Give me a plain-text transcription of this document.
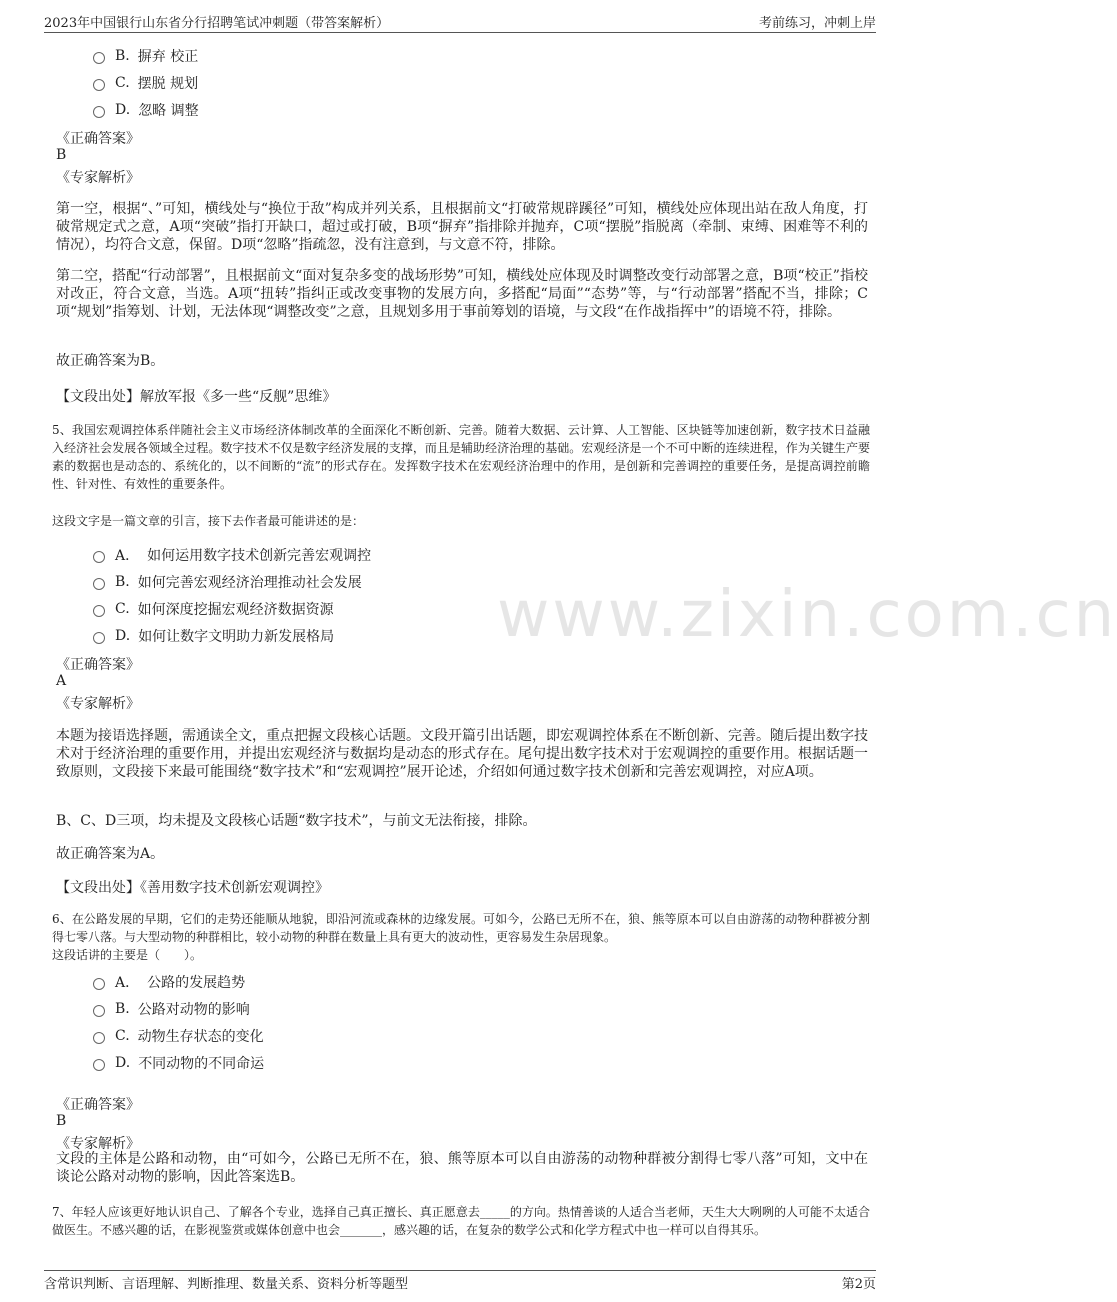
2023年中国银行山东省分行招聘笔试冲刺题（带答案解析）	考前练习，冲刺上岸
B. 摒弃 校正
C. 摆脱 规划
D. 忽略 调整
《正确答案》
B
《专家解析》
第一空，根据“、”可知，横线处与“换位于敌”构成并列关系，且根据前文“打破常规辟蹊径”可知，横线处应体现出站在敌人角度，打破常规定式之意，A项“突破”指打开缺口，超过或打破，B项“摒弃”指排除并抛弃，C项“摆脱”指脱离（牵制、束缚、困难等不利的情况），均符合文意，保留。D项“忽略”指疏忽，没有注意到，与文意不符，排除。
第二空，搭配“行动部署”，且根据前文“面对复杂多变的战场形势”可知，横线处应体现及时调整改变行动部署之意，B项“校正”指校对改正，符合文意，当选。A项“扭转”指纠正或改变事物的发展方向，多搭配“局面”“态势”等，与“行动部署”搭配不当，排除；C项“规划”指筹划、计划，无法体现“调整改变”之意，且规划多用于事前筹划的语境，与文段“在作战指挥中”的语境不符，排除。
故正确答案为B。
【文段出处】解放军报《多一些“反舰”思维》
5、我国宏观调控体系伴随社会主义市场经济体制改革的全面深化不断创新、完善。随着大数据、云计算、人工智能、区块链等加速创新，数字技术日益融入经济社会发展各领域全过程。数字技术不仅是数字经济发展的支撑，而且是辅助经济治理的基础。宏观经济是一个不可中断的连续进程，作为关键生产要素的数据也是动态的、系统化的，以不间断的“流”的形式存在。发挥数字技术在宏观经济治理中的作用，是创新和完善调控的重要任务，是提高调控前瞻性、针对性、有效性的重要条件。
这段文字是一篇文章的引言，接下去作者最可能讲述的是：
A． 如何运用数字技术创新完善宏观调控
B. 如何完善宏观经济治理推动社会发展
C. 如何深度挖掘宏观经济数据资源
D. 如何让数字文明助力新发展格局	www.zixin.com.cn
《正确答案》
A
《专家解析》
本题为接语选择题，需通读全文，重点把握文段核心话题。文段开篇引出话题，即宏观调控体系在不断创新、完善。随后提出数字技术对于经济治理的重要作用，并提出宏观经济与数据均是动态的形式存在。尾句提出数字技术对于宏观调控的重要作用。根据话题一致原则，文段接下来最可能围绕“数字技术”和“宏观调控”展开论述，介绍如何通过数字技术创新和完善宏观调控，对应A项。
B、C、D三项，均未提及文段核心话题“数字技术”，与前文无法衔接，排除。
故正确答案为A。
【文段出处】《善用数字技术创新宏观调控》
6、在公路发展的早期，它们的走势还能顺从地貌，即沿河流或森林的边缘发展。可如今，公路已无所不在，狼、熊等原本可以自由游荡的动物种群被分割得七零八落。与大型动物的种群相比，较小动物的种群在数量上具有更大的波动性，更容易发生杂居现象。
这段话讲的主要是（　　）。
A． 公路的发展趋势
B. 公路对动物的影响
C. 动物生存状态的变化
D. 不同动物的不同命运
《正确答案》
B
《专家解析》
文段的主体是公路和动物，由“可如今，公路已无所不在，狼、熊等原本可以自由游荡的动物种群被分割得七零八落”可知，文中在谈论公路对动物的影响，因此答案选B。
7、年轻人应该更好地认识自己、了解各个专业，选择自己真正擅长、真正愿意去_____的方向。热情善谈的人适合当老师，天生大大咧咧的人可能不太适合做医生。不感兴趣的话，在影视鉴赏或媒体创意中也会_______，感兴趣的话，在复杂的数学公式和化学方程式中也一样可以自得其乐。
含常识判断、言语理解、判断推理、数量关系、资料分析等题型	第2页
